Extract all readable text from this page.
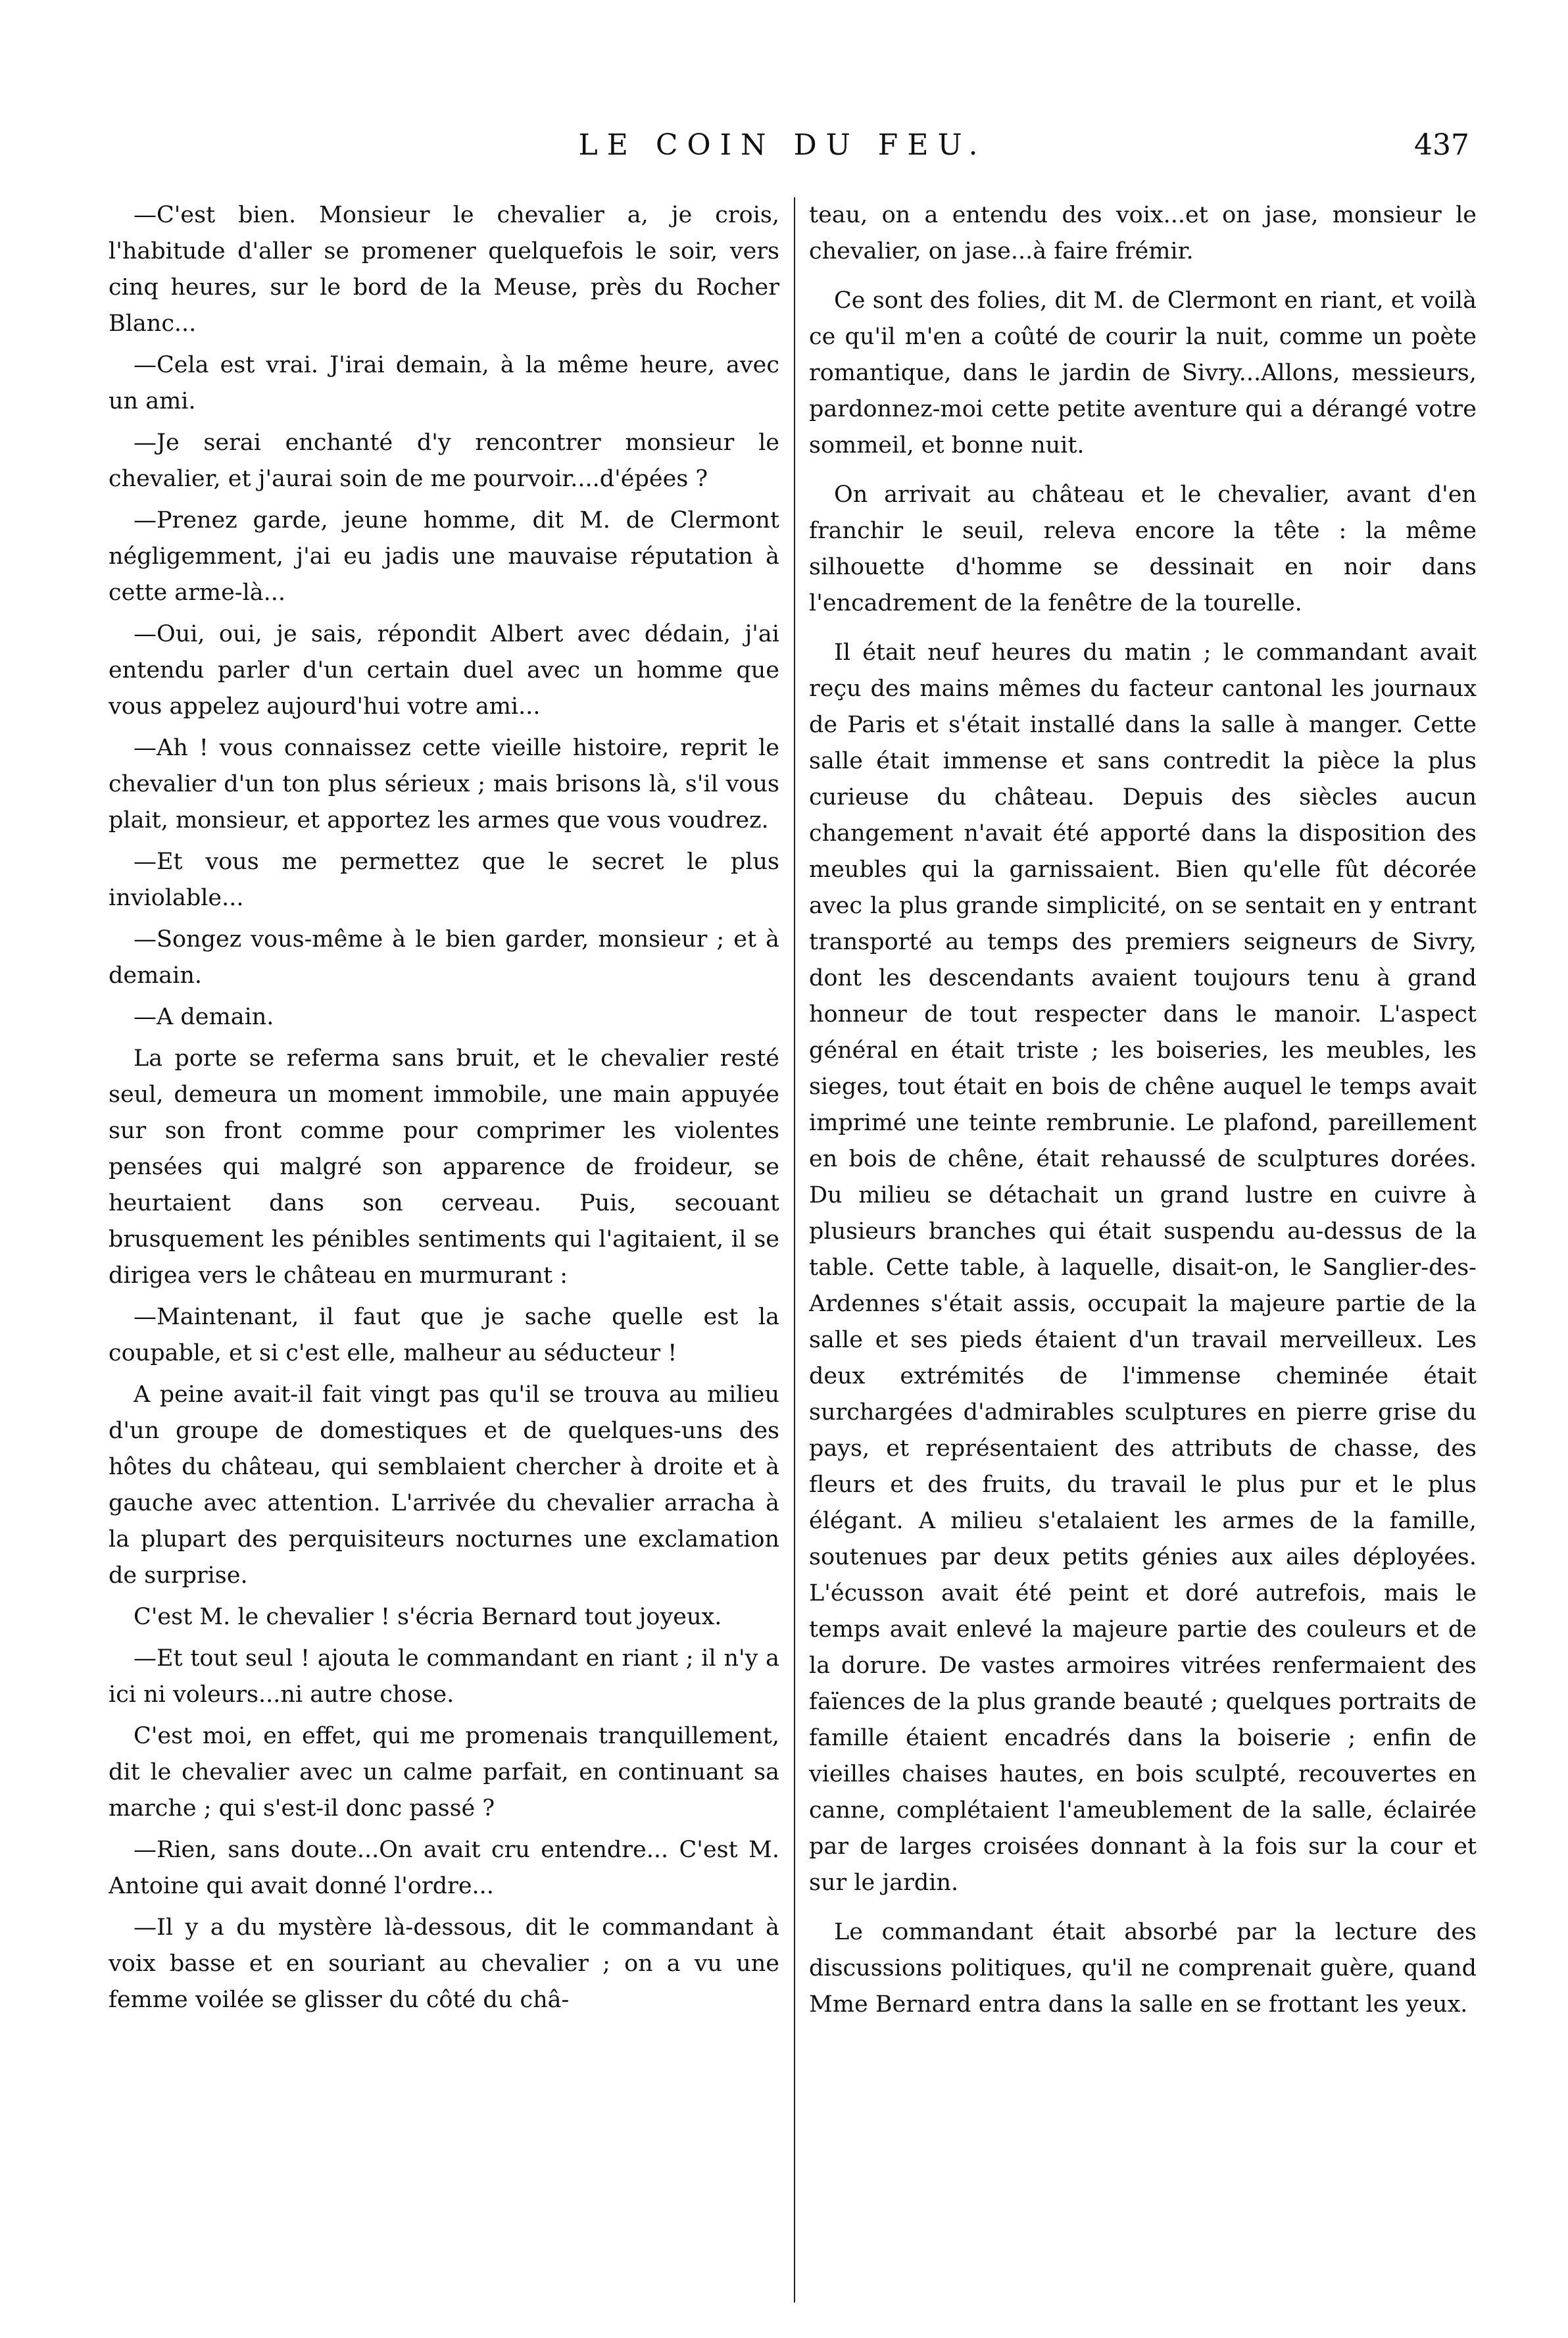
LE COIN DU FEU.	437

—C'est bien. Monsieur le chevalier a, je crois, l'habitude d'aller se promener quelquefois le soir, vers cinq heures, sur le bord de la Meuse, près du Rocher Blanc...

—Cela est vrai. J'irai demain, à la même heure, avec un ami.

—Je serai enchanté d'y rencontrer monsieur le chevalier, et j'aurai soin de me pourvoir....d'épées ?

—Prenez garde, jeune homme, dit M. de Clermont négligemment, j'ai eu jadis une mauvaise réputation à cette arme-là...

—Oui, oui, je sais, répondit Albert avec dédain, j'ai entendu parler d'un certain duel avec un homme que vous appelez aujourd'hui votre ami...

—Ah ! vous connaissez cette vieille histoire, reprit le chevalier d'un ton plus sérieux ; mais brisons là, s'il vous plait, monsieur, et apportez les armes que vous voudrez.

—Et vous me permettez que le secret le plus inviolable...

—Songez vous-même à le bien garder, monsieur ; et à demain.

—A demain.

La porte se referma sans bruit, et le chevalier resté seul, demeura un moment immobile, une main appuyée sur son front comme pour comprimer les violentes pensées qui malgré son apparence de froideur, se heurtaient dans son cerveau. Puis, secouant brusquement les pénibles sentiments qui l'agitaient, il se dirigea vers le château en murmurant :

—Maintenant, il faut que je sache quelle est la coupable, et si c'est elle, malheur au séducteur !

A peine avait-il fait vingt pas qu'il se trouva au milieu d'un groupe de domestiques et de quelques-uns des hôtes du château, qui semblaient chercher à droite et à gauche avec attention. L'arrivée du chevalier arracha à la plupart des perquisiteurs nocturnes une exclamation de surprise.

C'est M. le chevalier ! s'écria Bernard tout joyeux.

—Et tout seul ! ajouta le commandant en riant ; il n'y a ici ni voleurs...ni autre chose.

C'est moi, en effet, qui me promenais tranquillement, dit le chevalier avec un calme parfait, en continuant sa marche ; qui s'est-il donc passé ?

—Rien, sans doute...On avait cru entendre... C'est M. Antoine qui avait donné l'ordre...

—Il y a du mystère là-dessous, dit le commandant à voix basse et en souriant au chevalier ; on a vu une femme voilée se glisser du côté du châ-

teau, on a entendu des voix...et on jase, monsieur le chevalier, on jase...à faire frémir.

Ce sont des folies, dit M. de Clermont en riant, et voilà ce qu'il m'en a coûté de courir la nuit, comme un poète romantique, dans le jardin de Sivry...Allons, messieurs, pardonnez-moi cette petite aventure qui a dérangé votre sommeil, et bonne nuit.

On arrivait au château et le chevalier, avant d'en franchir le seuil, releva encore la tête : la même silhouette d'homme se dessinait en noir dans l'encadrement de la fenêtre de la tourelle.

Il était neuf heures du matin ; le commandant avait reçu des mains mêmes du facteur cantonal les journaux de Paris et s'était installé dans la salle à manger. Cette salle était immense et sans contredit la pièce la plus curieuse du château. Depuis des siècles aucun changement n'avait été apporté dans la disposition des meubles qui la garnissaient. Bien qu'elle fût décorée avec la plus grande simplicité, on se sentait en y entrant transporté au temps des premiers seigneurs de Sivry, dont les descendants avaient toujours tenu à grand honneur de tout respecter dans le manoir. L'aspect général en était triste ; les boiseries, les meubles, les sieges, tout était en bois de chêne auquel le temps avait imprimé une teinte rembrunie. Le plafond, pareillement en bois de chêne, était rehaussé de sculptures dorées. Du milieu se détachait un grand lustre en cuivre à plusieurs branches qui était suspendu au-dessus de la table. Cette table, à laquelle, disait-on, le Sanglier-des-Ardennes s'était assis, occupait la majeure partie de la salle et ses pieds étaient d'un travail merveilleux. Les deux extrémités de l'immense cheminée était surchargées d'admirables sculptures en pierre grise du pays, et représentaient des attributs de chasse, des fleurs et des fruits, du travail le plus pur et le plus élégant. A milieu s'etalaient les armes de la famille, soutenues par deux petits génies aux ailes déployées. L'écusson avait été peint et doré autrefois, mais le temps avait enlevé la majeure partie des couleurs et de la dorure. De vastes armoires vitrées renfermaient des faïences de la plus grande beauté ; quelques portraits de famille étaient encadrés dans la boiserie ; enfin de vieilles chaises hautes, en bois sculpté, recouvertes en canne, complétaient l'ameublement de la salle, éclairée par de larges croisées donnant à la fois sur la cour et sur le jardin.

Le commandant était absorbé par la lecture des discussions politiques, qu'il ne comprenait guère, quand Mme Bernard entra dans la salle en se frottant les yeux.
